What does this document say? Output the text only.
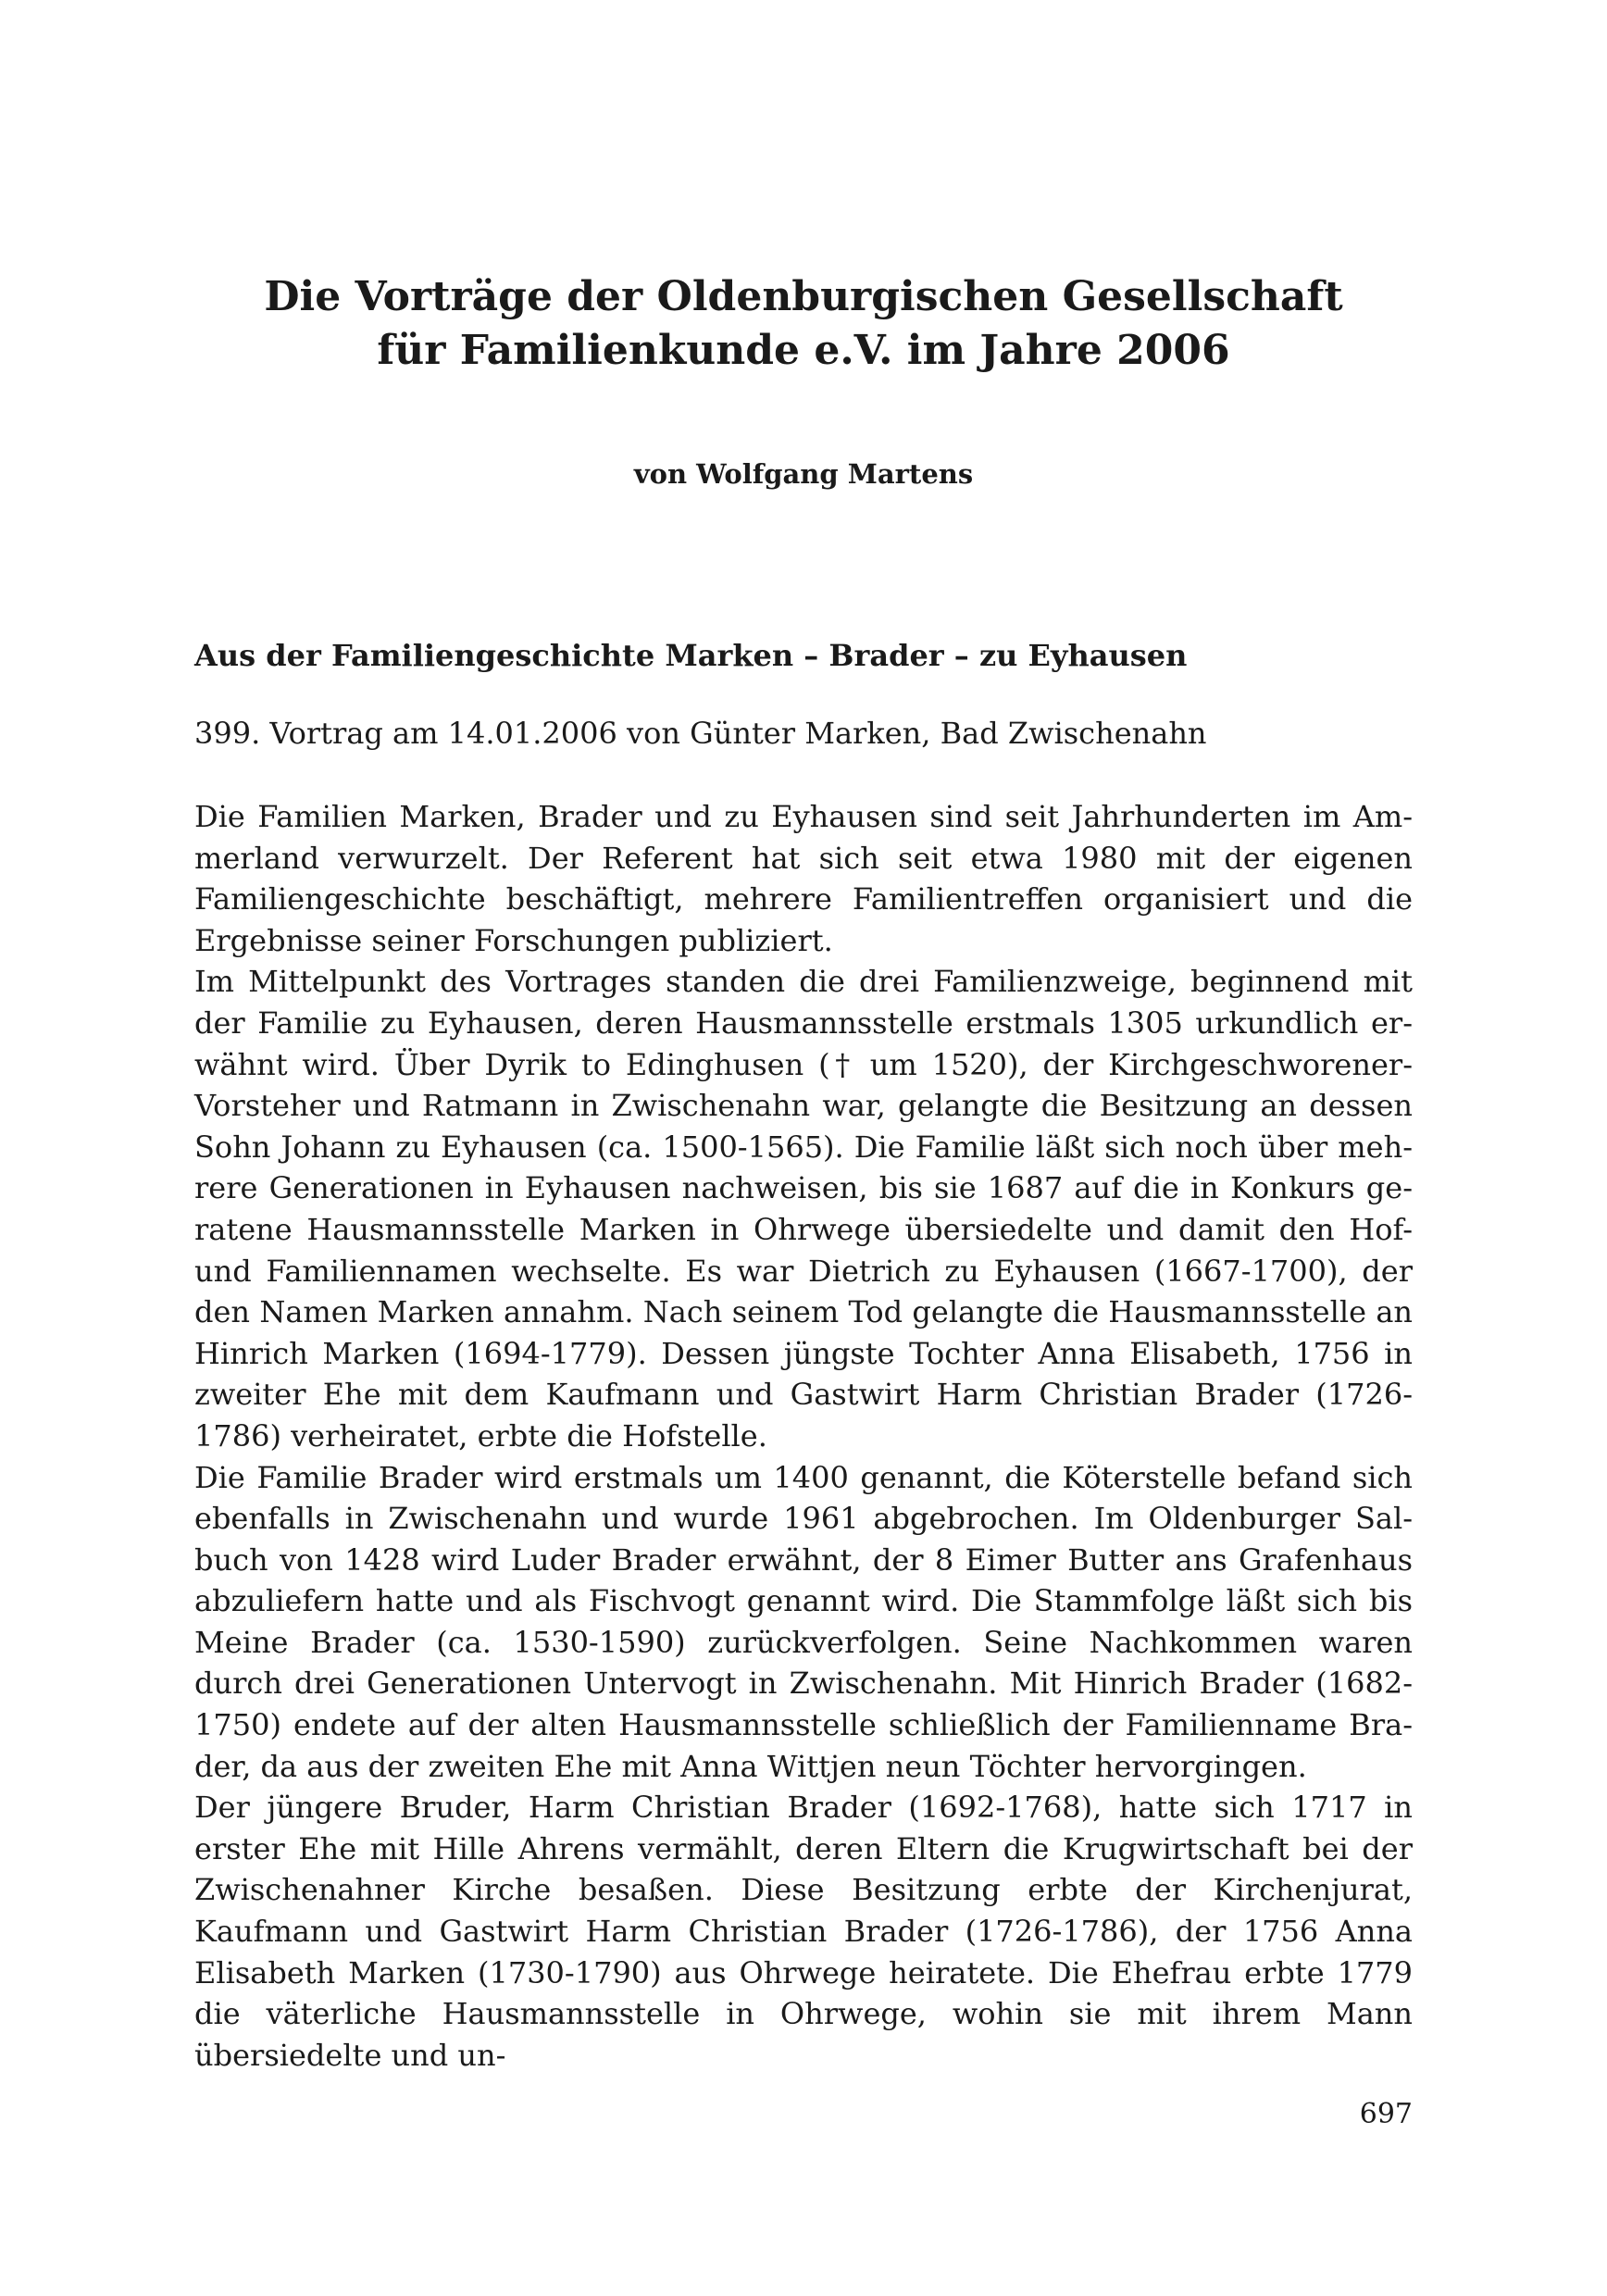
Die Vorträge der Oldenburgischen Gesellschaft
für Familienkunde e.V. im Jahre 2006
von Wolfgang Martens
Aus der Familiengeschichte Marken – Brader – zu Eyhausen
399. Vortrag am 14.01.2006 von Günter Marken, Bad Zwischenahn

Die Familien Marken, Brader und zu Eyhausen sind seit Jahrhunderten im Ammerland verwurzelt. Der Referent hat sich seit etwa 1980 mit der eigenen Familiengeschichte beschäftigt, mehrere Familientreffen organisiert und die Ergebnisse seiner Forschungen publiziert.

Im Mittelpunkt des Vortrages standen die drei Familienzweige, beginnend mit der Familie zu Eyhausen, deren Hausmannsstelle erstmals 1305 urkundlich erwähnt wird. Über Dyrik to Edinghusen († um 1520), der Kirchgeschworener-Vorsteher und Ratmann in Zwischenahn war, gelangte die Besitzung an dessen Sohn Johann zu Eyhausen (ca. 1500-1565). Die Familie läßt sich noch über mehrere Generationen in Eyhausen nachweisen, bis sie 1687 auf die in Konkurs geratene Hausmannsstelle Marken in Ohrwege übersiedelte und damit den Hof- und Familiennamen wechselte. Es war Dietrich zu Eyhausen (1667-1700), der den Namen Marken annahm. Nach seinem Tod gelangte die Hausmannsstelle an Hinrich Marken (1694-1779). Dessen jüngste Tochter Anna Elisabeth, 1756 in zweiter Ehe mit dem Kaufmann und Gastwirt Harm Christian Brader (1726-1786) verheiratet, erbte die Hofstelle.

Die Familie Brader wird erstmals um 1400 genannt, die Köterstelle befand sich ebenfalls in Zwischenahn und wurde 1961 abgebrochen. Im Oldenburger Salbuch von 1428 wird Luder Brader erwähnt, der 8 Eimer Butter ans Grafenhaus abzuliefern hatte und als Fischvogt genannt wird. Die Stammfolge läßt sich bis Meine Brader (ca. 1530-1590) zurückverfolgen. Seine Nachkommen waren durch drei Generationen Untervogt in Zwischenahn. Mit Hinrich Brader (1682-1750) endete auf der alten Hausmannsstelle schließlich der Familienname Brader, da aus der zweiten Ehe mit Anna Wittjen neun Töchter hervorgingen.

Der jüngere Bruder, Harm Christian Brader (1692-1768), hatte sich 1717 in erster Ehe mit Hille Ahrens vermählt, deren Eltern die Krugwirtschaft bei der Zwischenahner Kirche besaßen. Diese Besitzung erbte der Kirchenjurat, Kaufmann und Gastwirt Harm Christian Brader (1726-1786), der 1756 Anna Elisabeth Marken (1730-1790) aus Ohrwege heiratete. Die Ehefrau erbte 1779 die väterliche Hausmannsstelle in Ohrwege, wohin sie mit ihrem Mann übersiedelte und un-

697
